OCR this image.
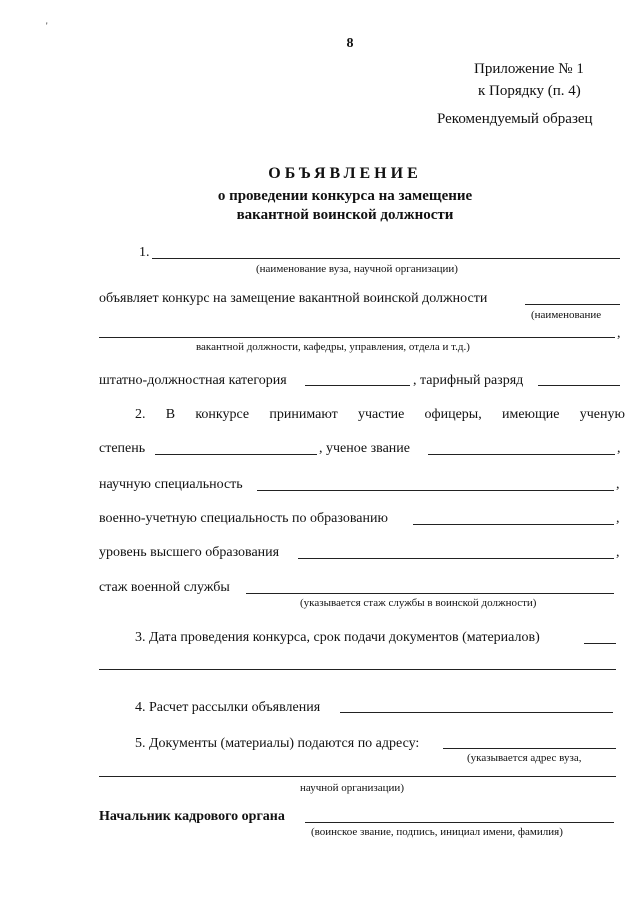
'
8
Приложение № 1
к Порядку (п. 4)
Рекомендуемый образец
ОБЪЯВЛЕНИЕ
о проведении конкурса на замещение
вакантной воинской должности
1.
(наименование вуза, научной организации)
объявляет конкурс на замещение вакантной воинской должности
(наименование
,
вакантной должности, кафедры, управления, отдела и т.д.)
штатно-должностная категория	, тарифный разряд
2. В конкурсе принимают участие офицеры, имеющие ученую
степень	, ученое звание	,
научную специальность	,
военно-учетную специальность по образованию	,
уровень высшего образования	,
стаж военной службы
(указывается стаж службы в воинской должности)
3. Дата проведения конкурса, срок подачи документов (материалов)
4. Расчет рассылки объявления
5. Документы (материалы) подаются по адресу:
(указывается адрес вуза,
научной организации)
Начальник кадрового органа
(воинское звание, подпись, инициал имени, фамилия)
